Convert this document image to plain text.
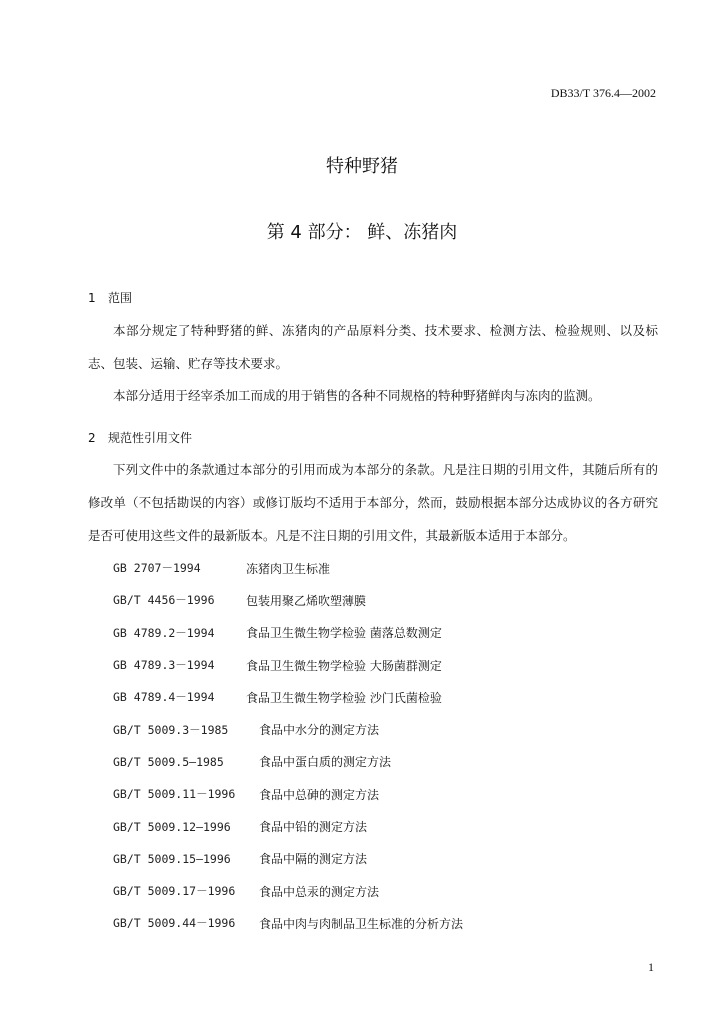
DB33/T 376.4—2002
特种野猪
第 4 部分： 鲜、冻猪肉
1 范围
本部分规定了特种野猪的鲜、冻猪肉的产品原料分类、技术要求、检测方法、检验规则、以及标志、包装、运输、贮存等技术要求。
本部分适用于经宰杀加工而成的用于销售的各种不同规格的特种野猪鲜肉与冻肉的监测。
2 规范性引用文件
下列文件中的条款通过本部分的引用而成为本部分的条款。凡是注日期的引用文件，其随后所有的修改单（不包括勘误的内容）或修订版均不适用于本部分，然而，鼓励根据本部分达成协议的各方研究是否可使用这些文件的最新版本。凡是不注日期的引用文件，其最新版本适用于本部分。
GB 2707－1994	冻猪肉卫生标准
GB/T 4456－1996	包装用聚乙烯吹塑薄膜
GB 4789.2－1994	食品卫生微生物学检验 菌落总数测定
GB 4789.3－1994	食品卫生微生物学检验 大肠菌群测定
GB 4789.4－1994	食品卫生微生物学检验 沙门氏菌检验
GB/T 5009.3－1985	食品中水分的测定方法
GB/T 5009.5—1985	食品中蛋白质的测定方法
GB/T 5009.11－1996	食品中总砷的测定方法
GB/T 5009.12—1996	食品中铅的测定方法
GB/T 5009.15—1996	食品中隔的测定方法
GB/T 5009.17－1996	食品中总汞的测定方法
GB/T 5009.44－1996	食品中肉与肉制品卫生标准的分析方法
1
